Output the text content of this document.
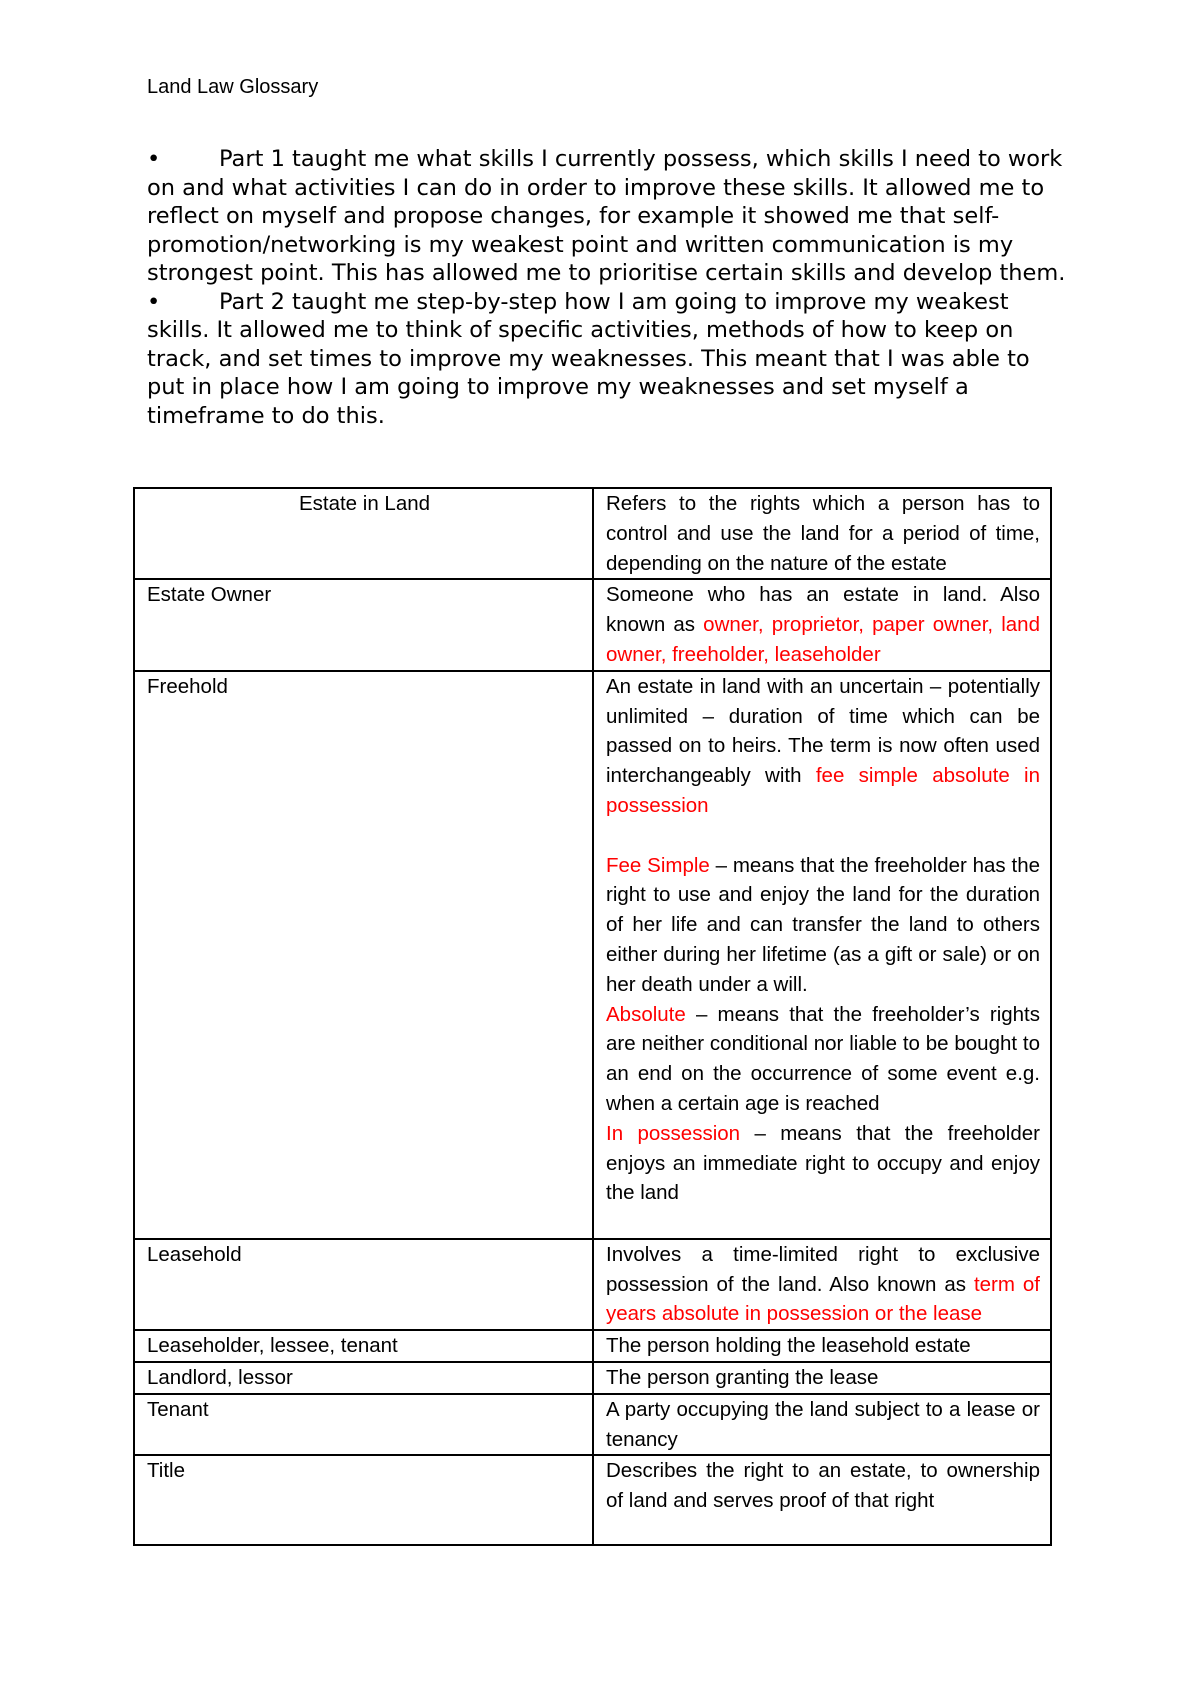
Land Law Glossary

•	Part 1 taught me what skills I currently possess, which skills I need to work on and what activities I can do in order to improve these skills. It allowed me to reflect on myself and propose changes, for example it showed me that self-promotion/networking is my weakest point and written communication is my strongest point. This has allowed me to prioritise certain skills and develop them.

•	Part 2 taught me step-by-step how I am going to improve my weakest skills. It allowed me to think of specific activities, methods of how to keep on track, and set times to improve my weaknesses. This meant that I was able to put in place how I am going to improve my weaknesses and set myself a timeframe to do this.

Estate in Land	Refers to the rights which a person has to control and use the land for a period of time, depending on the nature of the estate
Estate Owner	Someone who has an estate in land. Also known as owner, proprietor, paper owner, land owner, freeholder, leaseholder
Freehold	An estate in land with an uncertain – potentially unlimited – duration of time which can be passed on to heirs. The term is now often used interchangeably with fee simple absolute in possession

Fee Simple – means that the freeholder has the right to use and enjoy the land for the duration of her life and can transfer the land to others either during her lifetime (as a gift or sale) or on her death under a will.

Absolute – means that the freeholder’s rights are neither conditional nor liable to be bought to an end on the occurrence of some event e.g. when a certain age is reached

In possession – means that the freeholder enjoys an immediate right to occupy and enjoy the land

Leasehold	Involves a time-limited right to exclusive possession of the land. Also known as term of years absolute in possession or the lease
Leaseholder, lessee, tenant	The person holding the leasehold estate
Landlord, lessor	The person granting the lease
Tenant	A party occupying the land subject to a lease or tenancy
Title	Describes the right to an estate, to ownership of land and serves proof of that right
